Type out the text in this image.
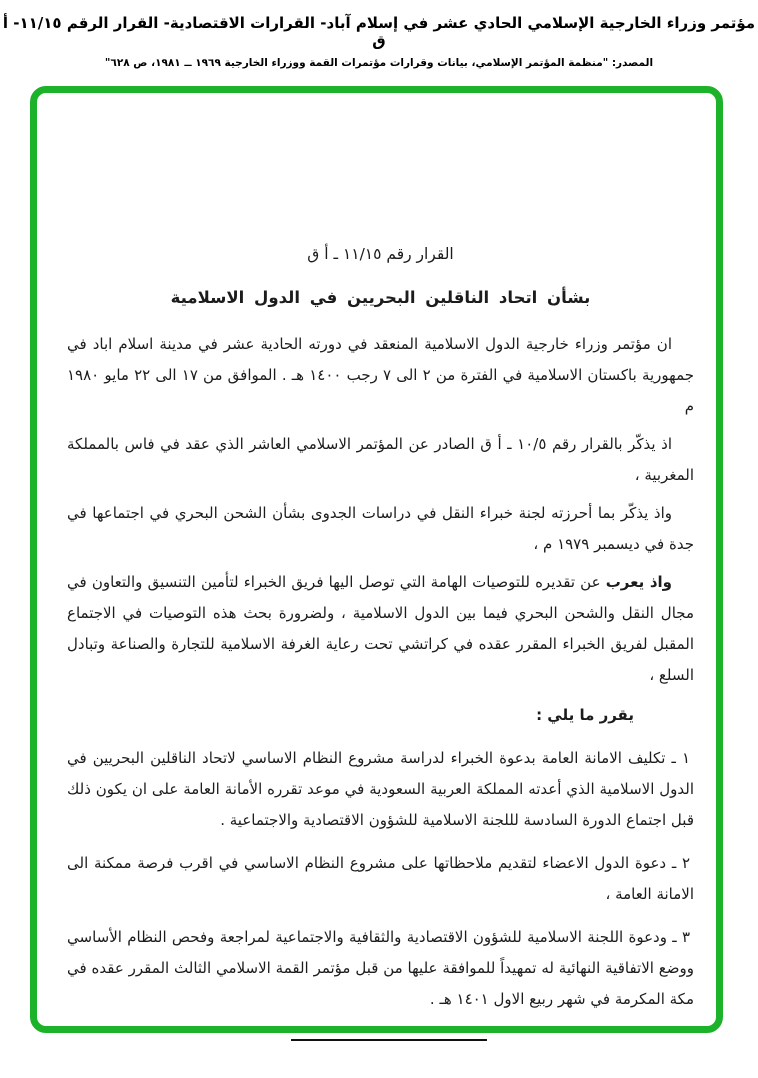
مؤتمر وزراء الخارجية الإسلامي الحادي عشر في إسلام آباد- القرارات الاقتصادية- القرار الرقم ١١/١٥- أ ق
المصدر: "منظمة المؤتمر الإسلامي، بيانات وقرارات مؤتمرات القمة ووزراء الخارجية ١٩٦٩ ــ ١٩٨١، ص ٦٢٨"
القرار رقم ١١/١٥ ـ أ ق
بشأن اتحاد الناقلين البحريين في الدول الاسلامية

ان مؤتمر وزراء خارجية الدول الاسلامية المنعقد في دورته الحادية عشر في مدينة اسلام اباد في جمهورية باكستان الاسلامية في الفترة من ٢ الى ٧ رجب ١٤٠٠ هـ . الموافق من ١٧ الى ٢٢ مايو ١٩٨٠ م

اذ يذكّر بالقرار رقم ١٠/٥ ـ أ ق الصادر عن المؤتمر الاسلامي العاشر الذي عقد في فاس بالمملكة المغربية ،

واذ يذكّر بما أحرزته لجنة خبراء النقل في دراسات الجدوى بشأن الشحن البحري في اجتماعها في جدة في ديسمبر ١٩٧٩ م ،

واذ يعرب عن تقديره للتوصيات الهامة التي توصل اليها فريق الخبراء لتأمين التنسيق والتعاون في مجال النقل والشحن البحري فيما بين الدول الاسلامية ، ولضرورة بحث هذه التوصيات في الاجتماع المقبل لفريق الخبراء المقرر عقده في كراتشي تحت رعاية الغرفة الاسلامية للتجارة والصناعة وتبادل السلع ،

يقرر ما يلي :

١ ـ تكليف الامانة العامة بدعوة الخبراء لدراسة مشروع النظام الاساسي لاتحاد الناقلين البحريين في الدول الاسلامية الذي أعدته المملكة العربية السعودية في موعد تقرره الأمانة العامة على ان يكون ذلك قبل اجتماع الدورة السادسة لللجنة الاسلامية للشؤون الاقتصادية والاجتماعية .

٢ ـ دعوة الدول الاعضاء لتقديم ملاحظاتها على مشروع النظام الاساسي في اقرب فرصة ممكنة الى الامانة العامة ،

٣ ـ ودعوة اللجنة الاسلامية للشؤون الاقتصادية والثقافية والاجتماعية لمراجعة وفحص النظام الأساسي ووضع الاتفاقية النهائية له تمهيداً للموافقة عليها من قبل مؤتمر القمة الاسلامي الثالث المقرر عقده في مكة المكرمة في شهر ربيع الاول ١٤٠١ هـ .
